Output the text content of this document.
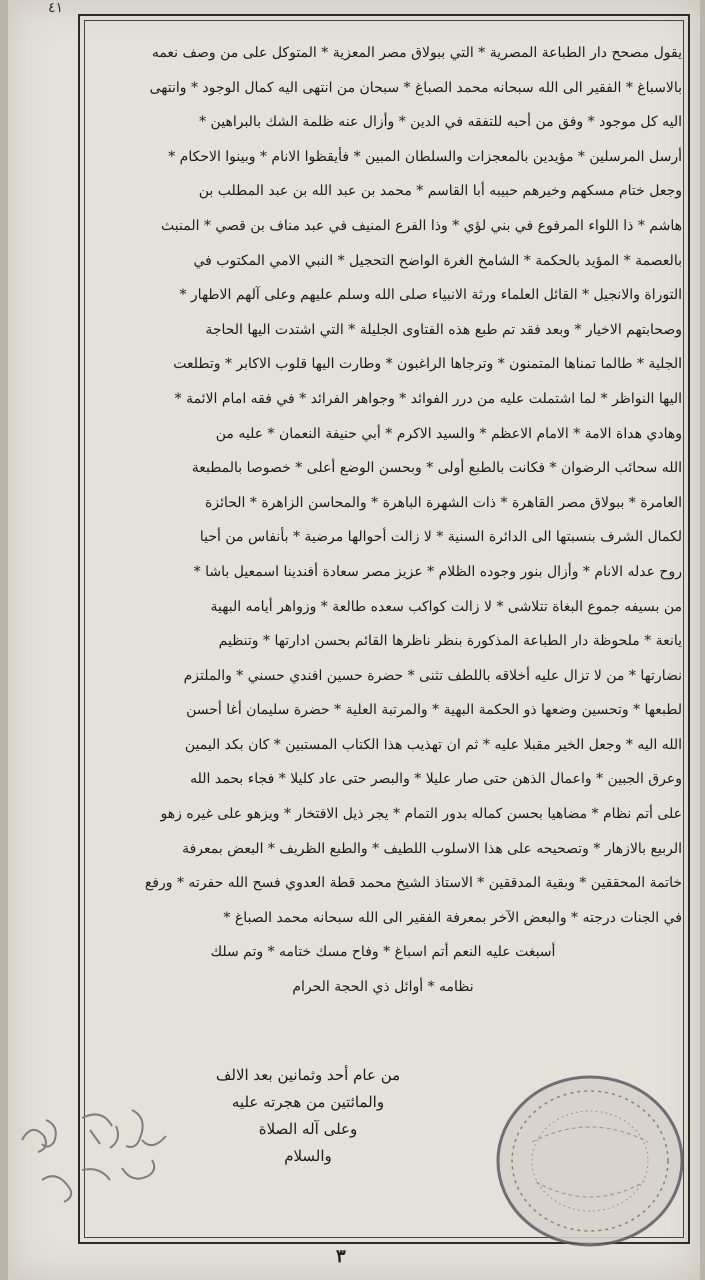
٤١

يقول مصحح دار الطباعة المصرية * التي ببولاق مصر المعزية * المتوكل على من وصف نعمه

بالاسباغ * الفقير الى الله سبحانه محمد الصباغ * سبحان من انتهى اليه كمال الوجود * وانتهى

اليه كل موجود * وفق من أحبه للتفقه في الدين * وأزال عنه ظلمة الشك بالبراهين *

أرسل المرسلين * مؤيدين بالمعجزات والسلطان المبين * فأيقظوا الانام * وبينوا الاحكام *

وجعل ختام مسكهم وخيرهم حبيبه أبا القاسم * محمد بن عبد الله بن عبد المطلب بن

هاشم * ذا اللواء المرفوع في بني لؤي * وذا الفرع المنيف في عبد مناف بن قصي * المنبث

بالعصمة * المؤيد بالحكمة * الشامخ الغرة الواضح التحجيل * النبي الامي المكتوب في

التوراة والانجيل * القائل العلماء ورثة الانبياء صلى الله وسلم عليهم وعلى آلهم الاطهار *

وصحابتهم الاخيار * وبعد فقد تم طبع هذه الفتاوى الجليلة * التي اشتدت اليها الحاجة

الجلية * طالما تمناها المتمنون * وترجاها الراغبون * وطارت اليها قلوب الاكابر * وتطلعت

اليها النواظر * لما اشتملت عليه من درر الفوائد * وجواهر الفرائد * في فقه امام الائمة *

وهادي هداة الامة * الامام الاعظم * والسيد الاكرم * أبي حنيفة النعمان * عليه من

الله سحائب الرضوان * فكانت بالطبع أولى * وبحسن الوضع أعلى * خصوصا بالمطبعة

العامرة * ببولاق مصر القاهرة * ذات الشهرة الباهرة * والمحاسن الزاهرة * الحائزة

لكمال الشرف بنسبتها الى الدائرة السنية * لا زالت أحوالها مرضية * بأنفاس من أحيا

روح عدله الانام * وأزال بنور وجوده الظلام * عزيز مصر سعادة أفندينا اسمعيل باشا *

من بسيفه جموع البغاة تتلاشى * لا زالت كواكب سعده طالعة * وزواهر أيامه البهية

يانعة * ملحوظة دار الطباعة المذكورة بنظر ناظرها القائم بحسن ادارتها * وتنظيم

نضارتها * من لا تزال عليه أخلاقه باللطف تثنى * حضرة حسين افندي حسني * والملتزم

لطبعها * وتحسين وضعها ذو الحكمة البهية * والمرتبة العلية * حضرة سليمان أغا أحسن

الله اليه * وجعل الخير مقبلا عليه * ثم ان تهذيب هذا الكتاب المستبين * كان بكد اليمين

وعرق الجبين * واعمال الذهن حتى صار عليلا * والبصر حتى عاد كليلا * فجاء بحمد الله

على أتم نظام * مضاهيا بحسن كماله بدور التمام * يجر ذيل الافتخار * ويزهو على غيره زهو

الربيع بالازهار * وتصحيحه على هذا الاسلوب اللطيف * والطبع الظريف * البعض بمعرفة

خاتمة المحققين * وبقية المدققين * الاستاذ الشيخ محمد قطة العدوي فسح الله حفرته * ورفع

في الجنات درجته * والبعض الآخر بمعرفة الفقير الى الله سبحانه محمد الصباغ *

أسبغت عليه النعم أتم اسباغ * وفاح مسك ختامه * وتم سلك

نظامه * أوائل ذي الحجة الحرام

من عام أحد وثمانين بعد الالف
والمائتين من هجرته عليه
وعلى آله الصلاة
والسلام
٣
